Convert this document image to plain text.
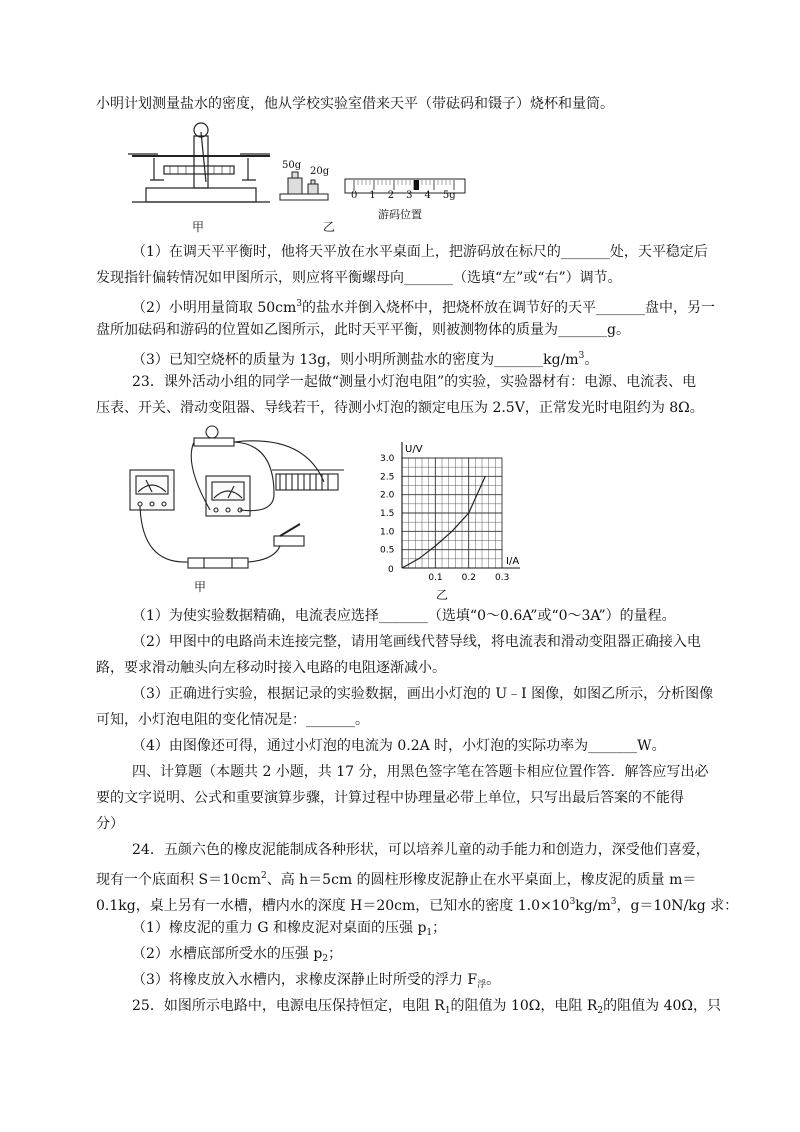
小明计划测量盐水的密度，他从学校实验室借来天平（带砝码和镊子）烧杯和量筒。
甲
50g
20g
0 1 2 3 4 5g
游码位置
乙
（1）在调天平平衡时，他将天平放在水平桌面上，把游码放在标尺的_______处，天平稳定后
发现指针偏转情况如甲图所示，则应将平衡螺母向_______（选填“左”或“右”）调节。
（2）小明用量筒取 $50cm^3$的盐水并倒入烧杯中，把烧杯放在调节好的天平_______盘中，另一
盘所加砝码和游码的位置如乙图所示，此时天平平衡，则被测物体的质量为_______g。
（3）已知空烧杯的质量为 13g，则小明所测盐水的密度为$\_\_\_\_\_\_\_kg/m^3$。
23．课外活动小组的同学一起做“测量小灯泡电阻”的实验，实验器材有：电源、电流表、电
压表、开关、滑动变阻器、导线若干，待测小灯泡的额定电压为 2.5V，正常发光时电阻约为 8Ω。
甲
U/V
I/A
0
0.5
1.0
1.5
2.0
2.5
3.0
0.1 0.2 0.3
乙
（1）为使实验数据精确，电流表应选择_______（选填“0～0.6A”或“0～3A”）的量程。
（2）甲图中的电路尚未连接完整，请用笔画线代替导线，将电流表和滑动变阻器正确接入电
路，要求滑动触头向左移动时接入电路的电阻逐渐减小。
（3）正确进行实验，根据记录的实验数据，画出小灯泡的 U﹣I 图像，如图乙所示，分析图像
可知，小灯泡电阻的变化情况是：_______。
（4）由图像还可得，通过小灯泡的电流为 0.2A 时，小灯泡的实际功率为_______W。
四、计算题（本题共 2 小题，共 17 分，用黑色签字笔在答题卡相应位置作答．解答应写出必
要的文字说明、公式和重要演算步骤，计算过程中协理量必带上单位，只写出最后答案的不能得
分）
24．五颜六色的橡皮泥能制成各种形状，可以培养儿童的动手能力和创造力，深受他们喜爱，
现有一个底面积 $S=10cm^2$、高 h＝5cm 的圆柱形橡皮泥静止在水平桌面上，橡皮泥的质量 m＝
0.1kg，桌上另有一水槽，槽内水的深度 H＝20cm，已知水的密度 $1.0\times 10^3kg/m^3$，g＝10N/kg 求：
（1）橡皮泥的重力 G 和橡皮泥对桌面的压强 $p_1$；
（2）水槽底部所受水的压强 $p_2$；
（3）将橡皮放入水槽内，求橡皮深静止时所受的浮力 $F_浮$。
25．如图所示电路中，电源电压保持恒定，电阻 $R_1$的阻值为 10Ω，电阻 $R_2$的阻值为 40Ω，只
